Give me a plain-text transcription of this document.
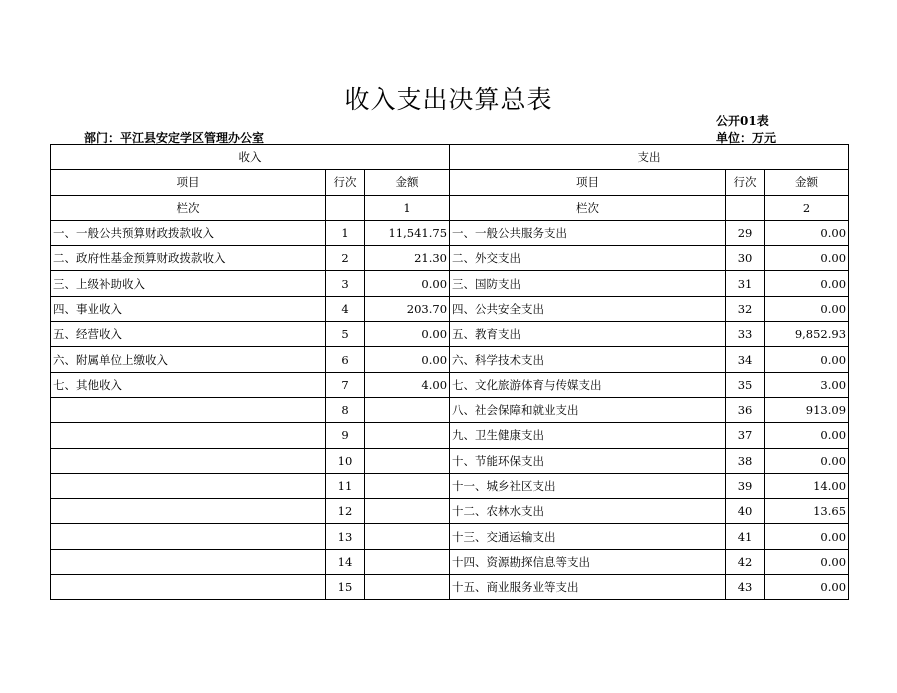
收入支出决算总表
公开01表
部门：平江县安定学区管理办公室	单位：万元
收入			支出		
项目	行次	金额	项目	行次	金额
栏次		1	栏次		2
一、一般公共预算财政拨款收入	1	11,541.75	一、一般公共服务支出	29	0.00
二、政府性基金预算财政拨款收入	2	21.30	二、外交支出	30	0.00
三、上级补助收入	3	0.00	三、国防支出	31	0.00
四、事业收入	4	203.70	四、公共安全支出	32	0.00
五、经营收入	5	0.00	五、教育支出	33	9,852.93
六、附属单位上缴收入	6	0.00	六、科学技术支出	34	0.00
七、其他收入	7	4.00	七、文化旅游体育与传媒支出	35	3.00
	8		八、社会保障和就业支出	36	913.09
	9		九、卫生健康支出	37	0.00
	10		十、节能环保支出	38	0.00
	11		十一、城乡社区支出	39	14.00
	12		十二、农林水支出	40	13.65
	13		十三、交通运输支出	41	0.00
	14		十四、资源勘探信息等支出	42	0.00
	15		十五、商业服务业等支出	43	0.00
